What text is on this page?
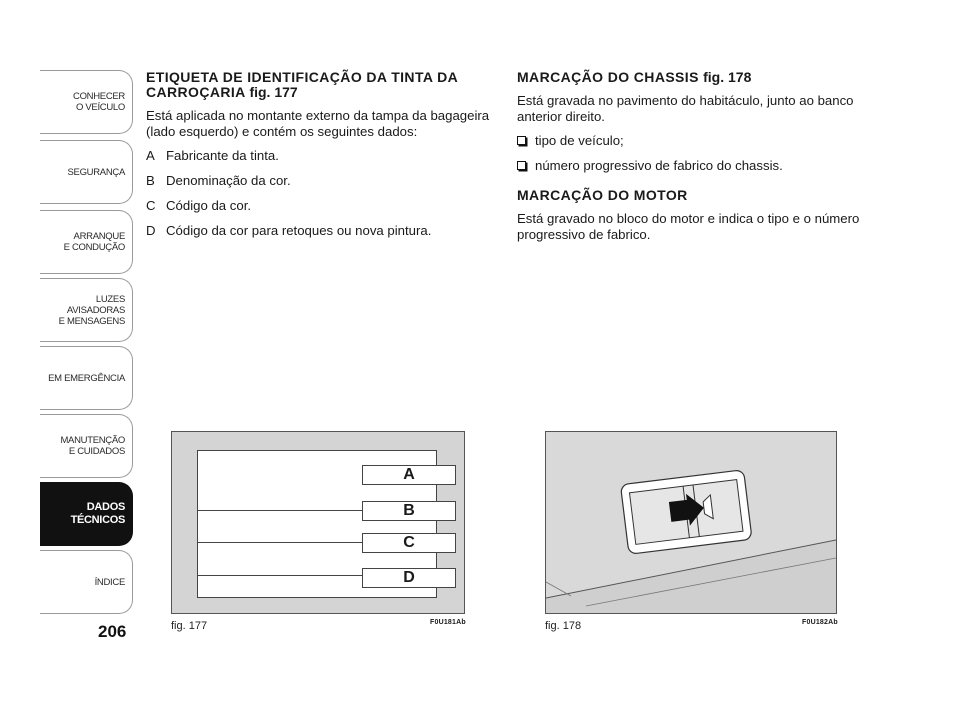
CONHECER
O VEÍCULO
SEGURANÇA
ARRANQUE
E CONDUÇÃO
LUZES
AVISADORAS
E MENSAGENS
EM EMERGÊNCIA
MANUTENÇÃO
E CUIDADOS
DADOS
TÉCNICOS
ÍNDICE
206
ETIQUETA DE IDENTIFICAÇÃO DA TINTA DA CARROÇARIA fig. 177

Está aplicada no montante externo da tampa da bagageira (lado esquerdo) e contém os seguintes dados:

A Fabricante da tinta.
B Denominação da cor.
C Código da cor.
D Código da cor para retoques ou nova pintura.
MARCAÇÃO DO CHASSIS fig. 178

Está gravada no pavimento do habitáculo, junto ao banco anterior direito.

tipo de veículo;
número progressivo de fabrico do chassis.
MARCAÇÃO DO MOTOR

Está gravado no bloco do motor e indica o tipo e o número progressivo de fabrico.

A
B
C
D
fig. 177	F0U181Ab	fig. 178	F0U182Ab
